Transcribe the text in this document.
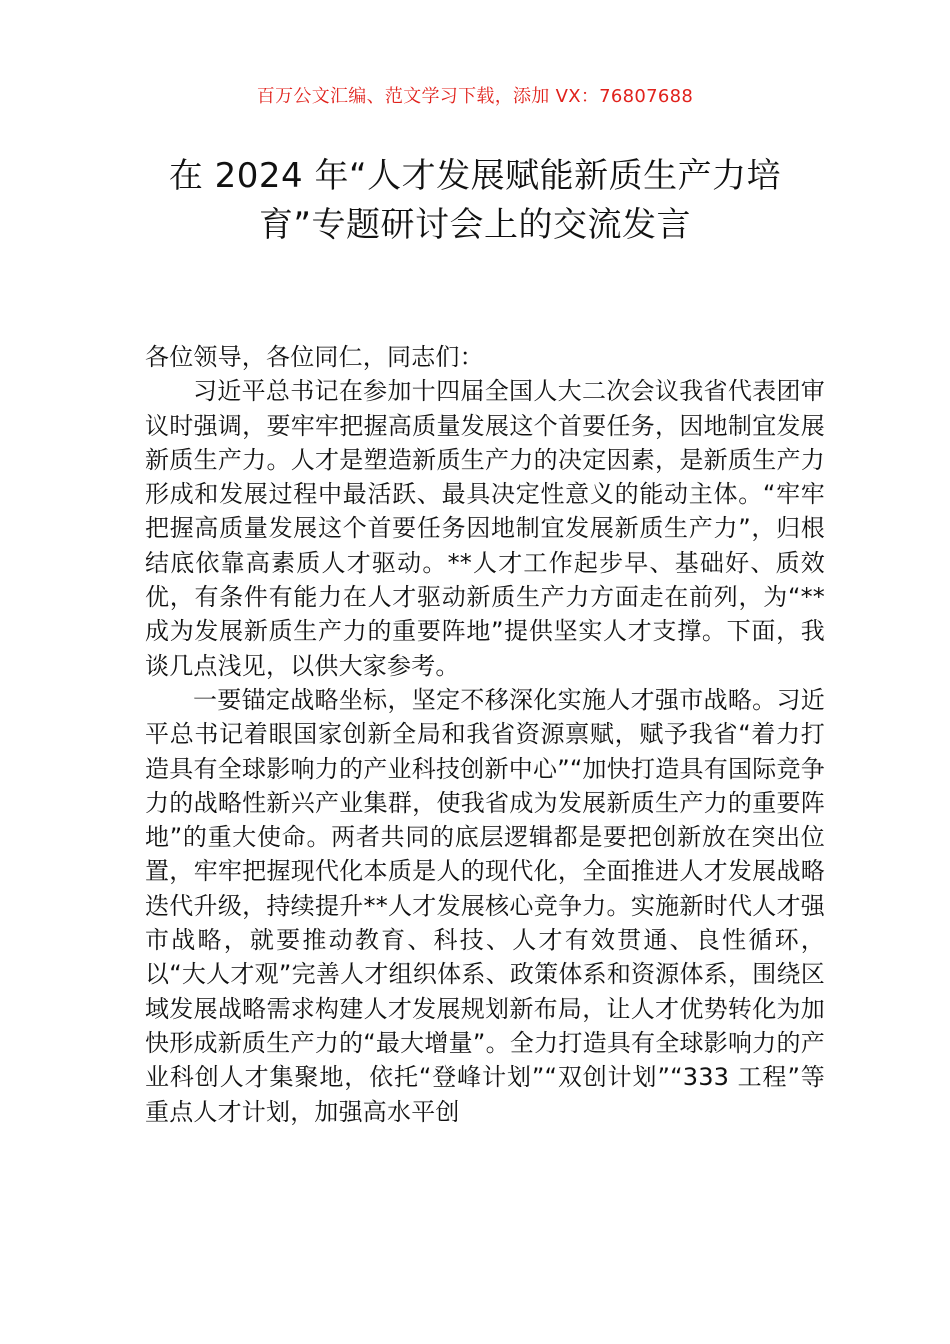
百万公文汇编、范文学习下载，添加 VX：76807688
在 2024 年“人才发展赋能新质生产力培
育”专题研讨会上的交流发言

各位领导，各位同仁，同志们：

习近平总书记在参加十四届全国人大二次会议我省代表团审议时强调，要牢牢把握高质量发展这个首要任务，因地制宜发展新质生产力。人才是塑造新质生产力的决定因素，是新质生产力形成和发展过程中最活跃、最具决定性意义的能动主体。“牢牢把握高质量发展这个首要任务因地制宜发展新质生产力”，归根结底依靠高素质人才驱动。**人才工作起步早、基础好、质效优，有条件有能力在人才驱动新质生产力方面走在前列，为“**成为发展新质生产力的重要阵地”提供坚实人才支撑。下面，我谈几点浅见，以供大家参考。

一要锚定战略坐标，坚定不移深化实施人才强市战略。习近平总书记着眼国家创新全局和我省资源禀赋，赋予我省“着力打造具有全球影响力的产业科技创新中心”“加快打造具有国际竞争力的战略性新兴产业集群，使我省成为发展新质生产力的重要阵地”的重大使命。两者共同的底层逻辑都是要把创新放在突出位置，牢牢把握现代化本质是人的现代化，全面推进人才发展战略迭代升级，持续提升**人才发展核心竞争力。实施新时代人才强市战略，就要推动教育、科技、人才有效贯通、良性循环，以“大人才观”完善人才组织体系、政策体系和资源体系，围绕区域发展战略需求构建人才发展规划新布局，让人才优势转化为加快形成新质生产力的“最大增量”。全力打造具有全球影响力的产业科创人才集聚地，依托“登峰计划”“双创计划”“333 工程”等重点人才计划，加强高水平创
